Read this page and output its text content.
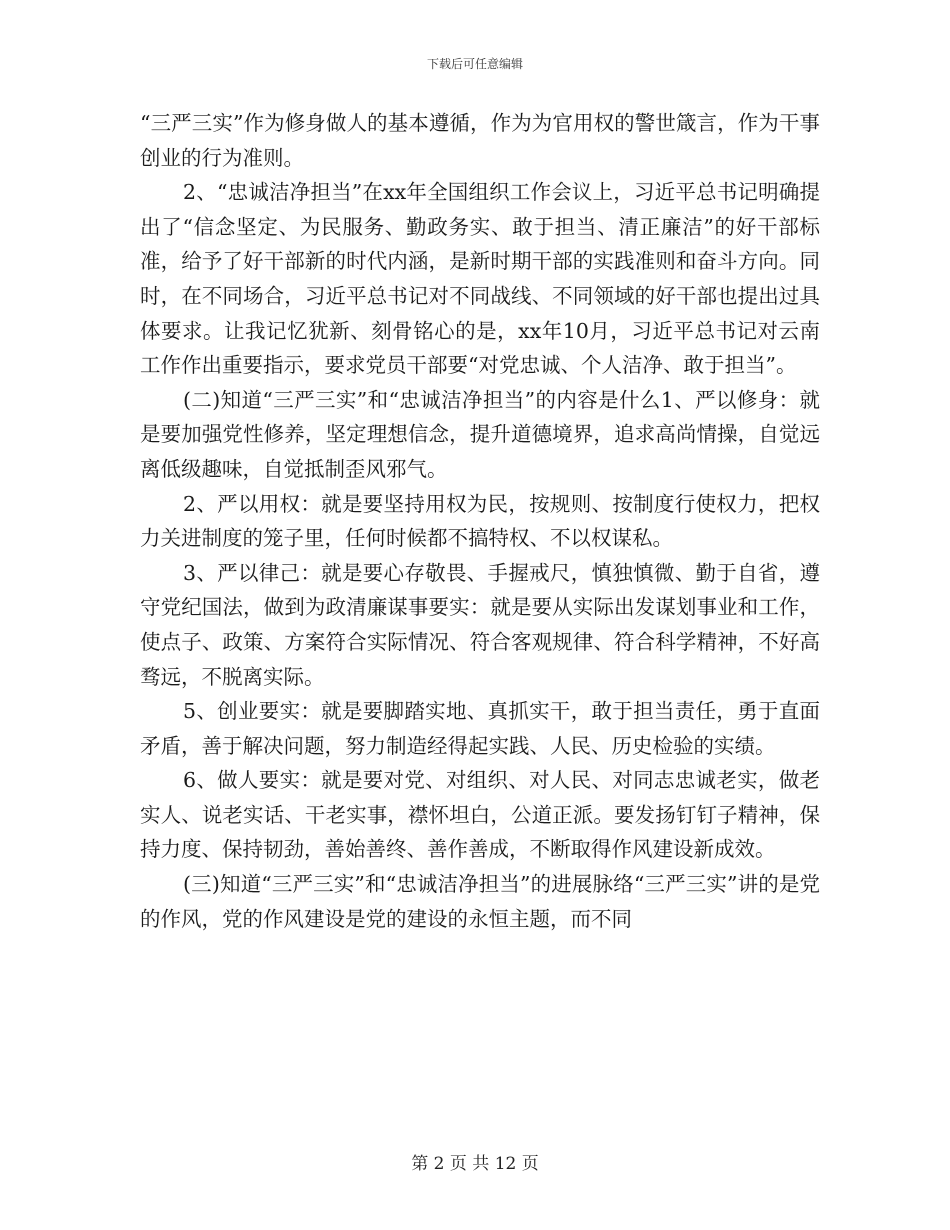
下载后可任意编辑

“三严三实”作为修身做人的基本遵循，作为为官用权的警世箴言，作为干事创业的行为准则。

2、“忠诚洁净担当”在xx年全国组织工作会议上，习近平总书记明确提出了“信念坚定、为民服务、勤政务实、敢于担当、清正廉洁”的好干部标准，给予了好干部新的时代内涵，是新时期干部的实践准则和奋斗方向。同时，在不同场合，习近平总书记对不同战线、不同领域的好干部也提出过具体要求。让我记忆犹新、刻骨铭心的是，xx年10月，习近平总书记对云南工作作出重要指示，要求党员干部要“对党忠诚、个人洁净、敢于担当”。

(二)知道“三严三实”和“忠诚洁净担当”的内容是什么1、严以修身：就是要加强党性修养，坚定理想信念，提升道德境界，追求高尚情操，自觉远离低级趣味，自觉抵制歪风邪气。

2、严以用权：就是要坚持用权为民，按规则、按制度行使权力，把权力关进制度的笼子里，任何时候都不搞特权、不以权谋私。

3、严以律己：就是要心存敬畏、手握戒尺，慎独慎微、勤于自省，遵守党纪国法，做到为政清廉谋事要实：就是要从实际出发谋划事业和工作，使点子、政策、方案符合实际情况、符合客观规律、符合科学精神，不好高骛远，不脱离实际。

5、创业要实：就是要脚踏实地、真抓实干，敢于担当责任，勇于直面矛盾，善于解决问题，努力制造经得起实践、人民、历史检验的实绩。

6、做人要实：就是要对党、对组织、对人民、对同志忠诚老实，做老实人、说老实话、干老实事，襟怀坦白，公道正派。要发扬钉钉子精神，保持力度、保持韧劲，善始善终、善作善成，不断取得作风建设新成效。

(三)知道“三严三实”和“忠诚洁净担当”的进展脉络“三严三实”讲的是党的作风，党的作风建设是党的建设的永恒主题，而不同

第 2 页 共 12 页
